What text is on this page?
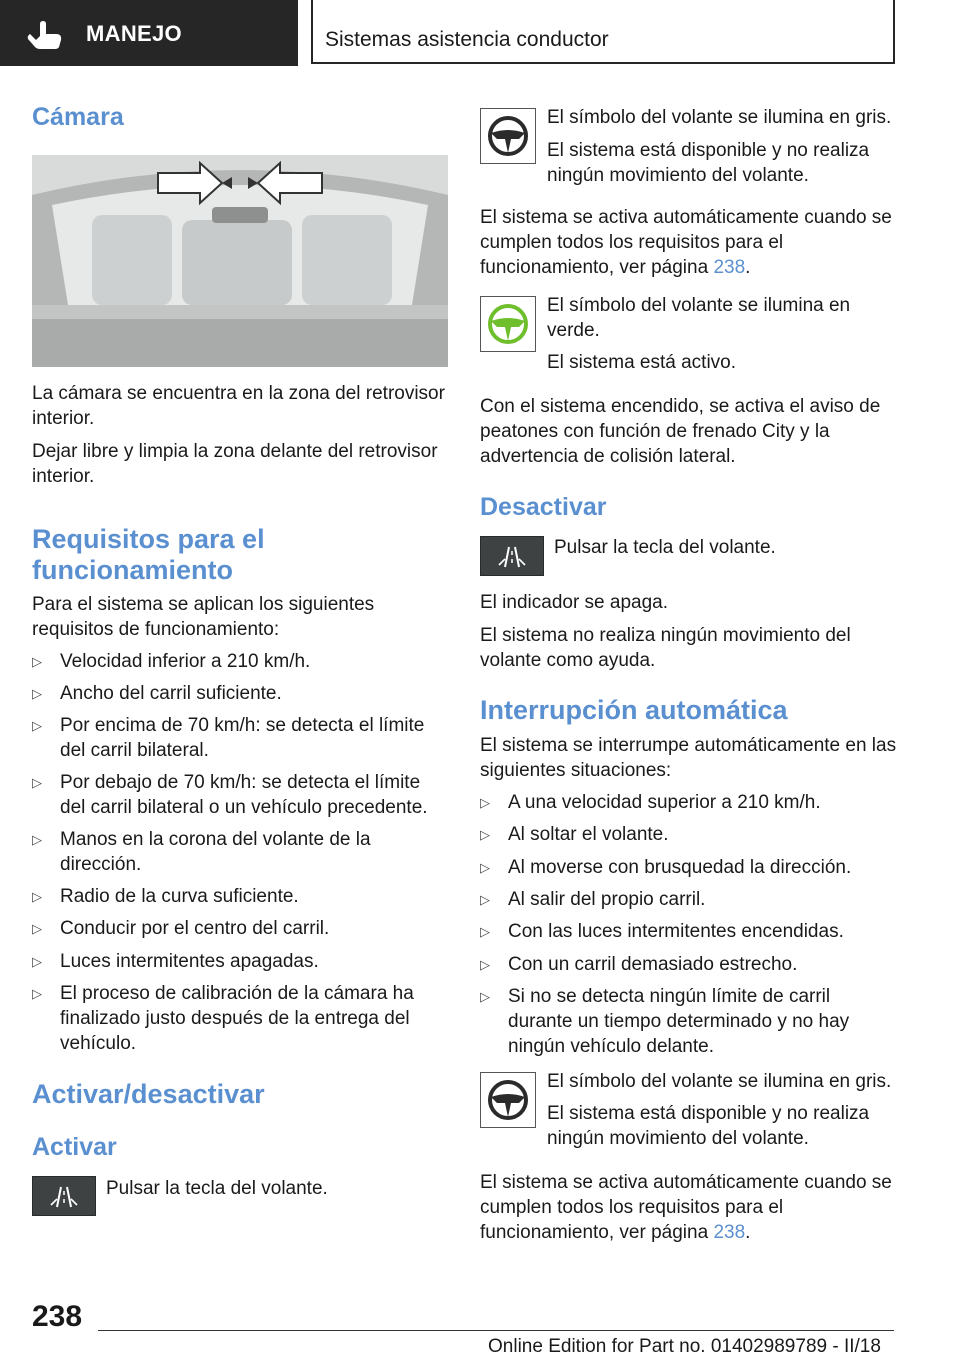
MANEJO	Sistemas asistencia conductor
Cámara

La cámara se encuentra en la zona del retrovisor interior.

Dejar libre y limpia la zona delante del retrovisor interior.

Requisitos para el funcionamiento

Para el sistema se aplican los siguientes requisitos de funcionamiento:

▷ Velocidad inferior a 210 km/h.
▷ Ancho del carril suficiente.
▷ Por encima de 70 km/h: se detecta el límite del carril bilateral.
▷ Por debajo de 70 km/h: se detecta el límite del carril bilateral o un vehículo precedente.
▷ Manos en la corona del volante de la dirección.
▷ Radio de la curva suficiente.
▷ Conducir por el centro del carril.
▷ Luces intermitentes apagadas.
▷ El proceso de calibración de la cámara ha finalizado justo después de la entrega del vehículo.
Activar/desactivar
Activar

Pulsar la tecla del volante.

El símbolo del volante se ilumina en gris.

El sistema está disponible y no realiza ningún movimiento del volante.

El sistema se activa automáticamente cuando se cumplen todos los requisitos para el funcionamiento, ver página 238.

El símbolo del volante se ilumina en verde.

El sistema está activo.

Con el sistema encendido, se activa el aviso de peatones con función de frenado City y la advertencia de colisión lateral.

Desactivar

Pulsar la tecla del volante.

El indicador se apaga.

El sistema no realiza ningún movimiento del volante como ayuda.

Interrupción automática

El sistema se interrumpe automáticamente en las siguientes situaciones:

▷ A una velocidad superior a 210 km/h.
▷ Al soltar el volante.
▷ Al moverse con brusquedad la dirección.
▷ Al salir del propio carril.
▷ Con las luces intermitentes encendidas.
▷ Con un carril demasiado estrecho.
▷ Si no se detecta ningún límite de carril durante un tiempo determinado y no hay ningún vehículo delante.

El símbolo del volante se ilumina en gris.

El sistema está disponible y no realiza ningún movimiento del volante.

El sistema se activa automáticamente cuando se cumplen todos los requisitos para el funcionamiento, ver página 238.

238
Online Edition for Part no. 01402989789 - II/18
